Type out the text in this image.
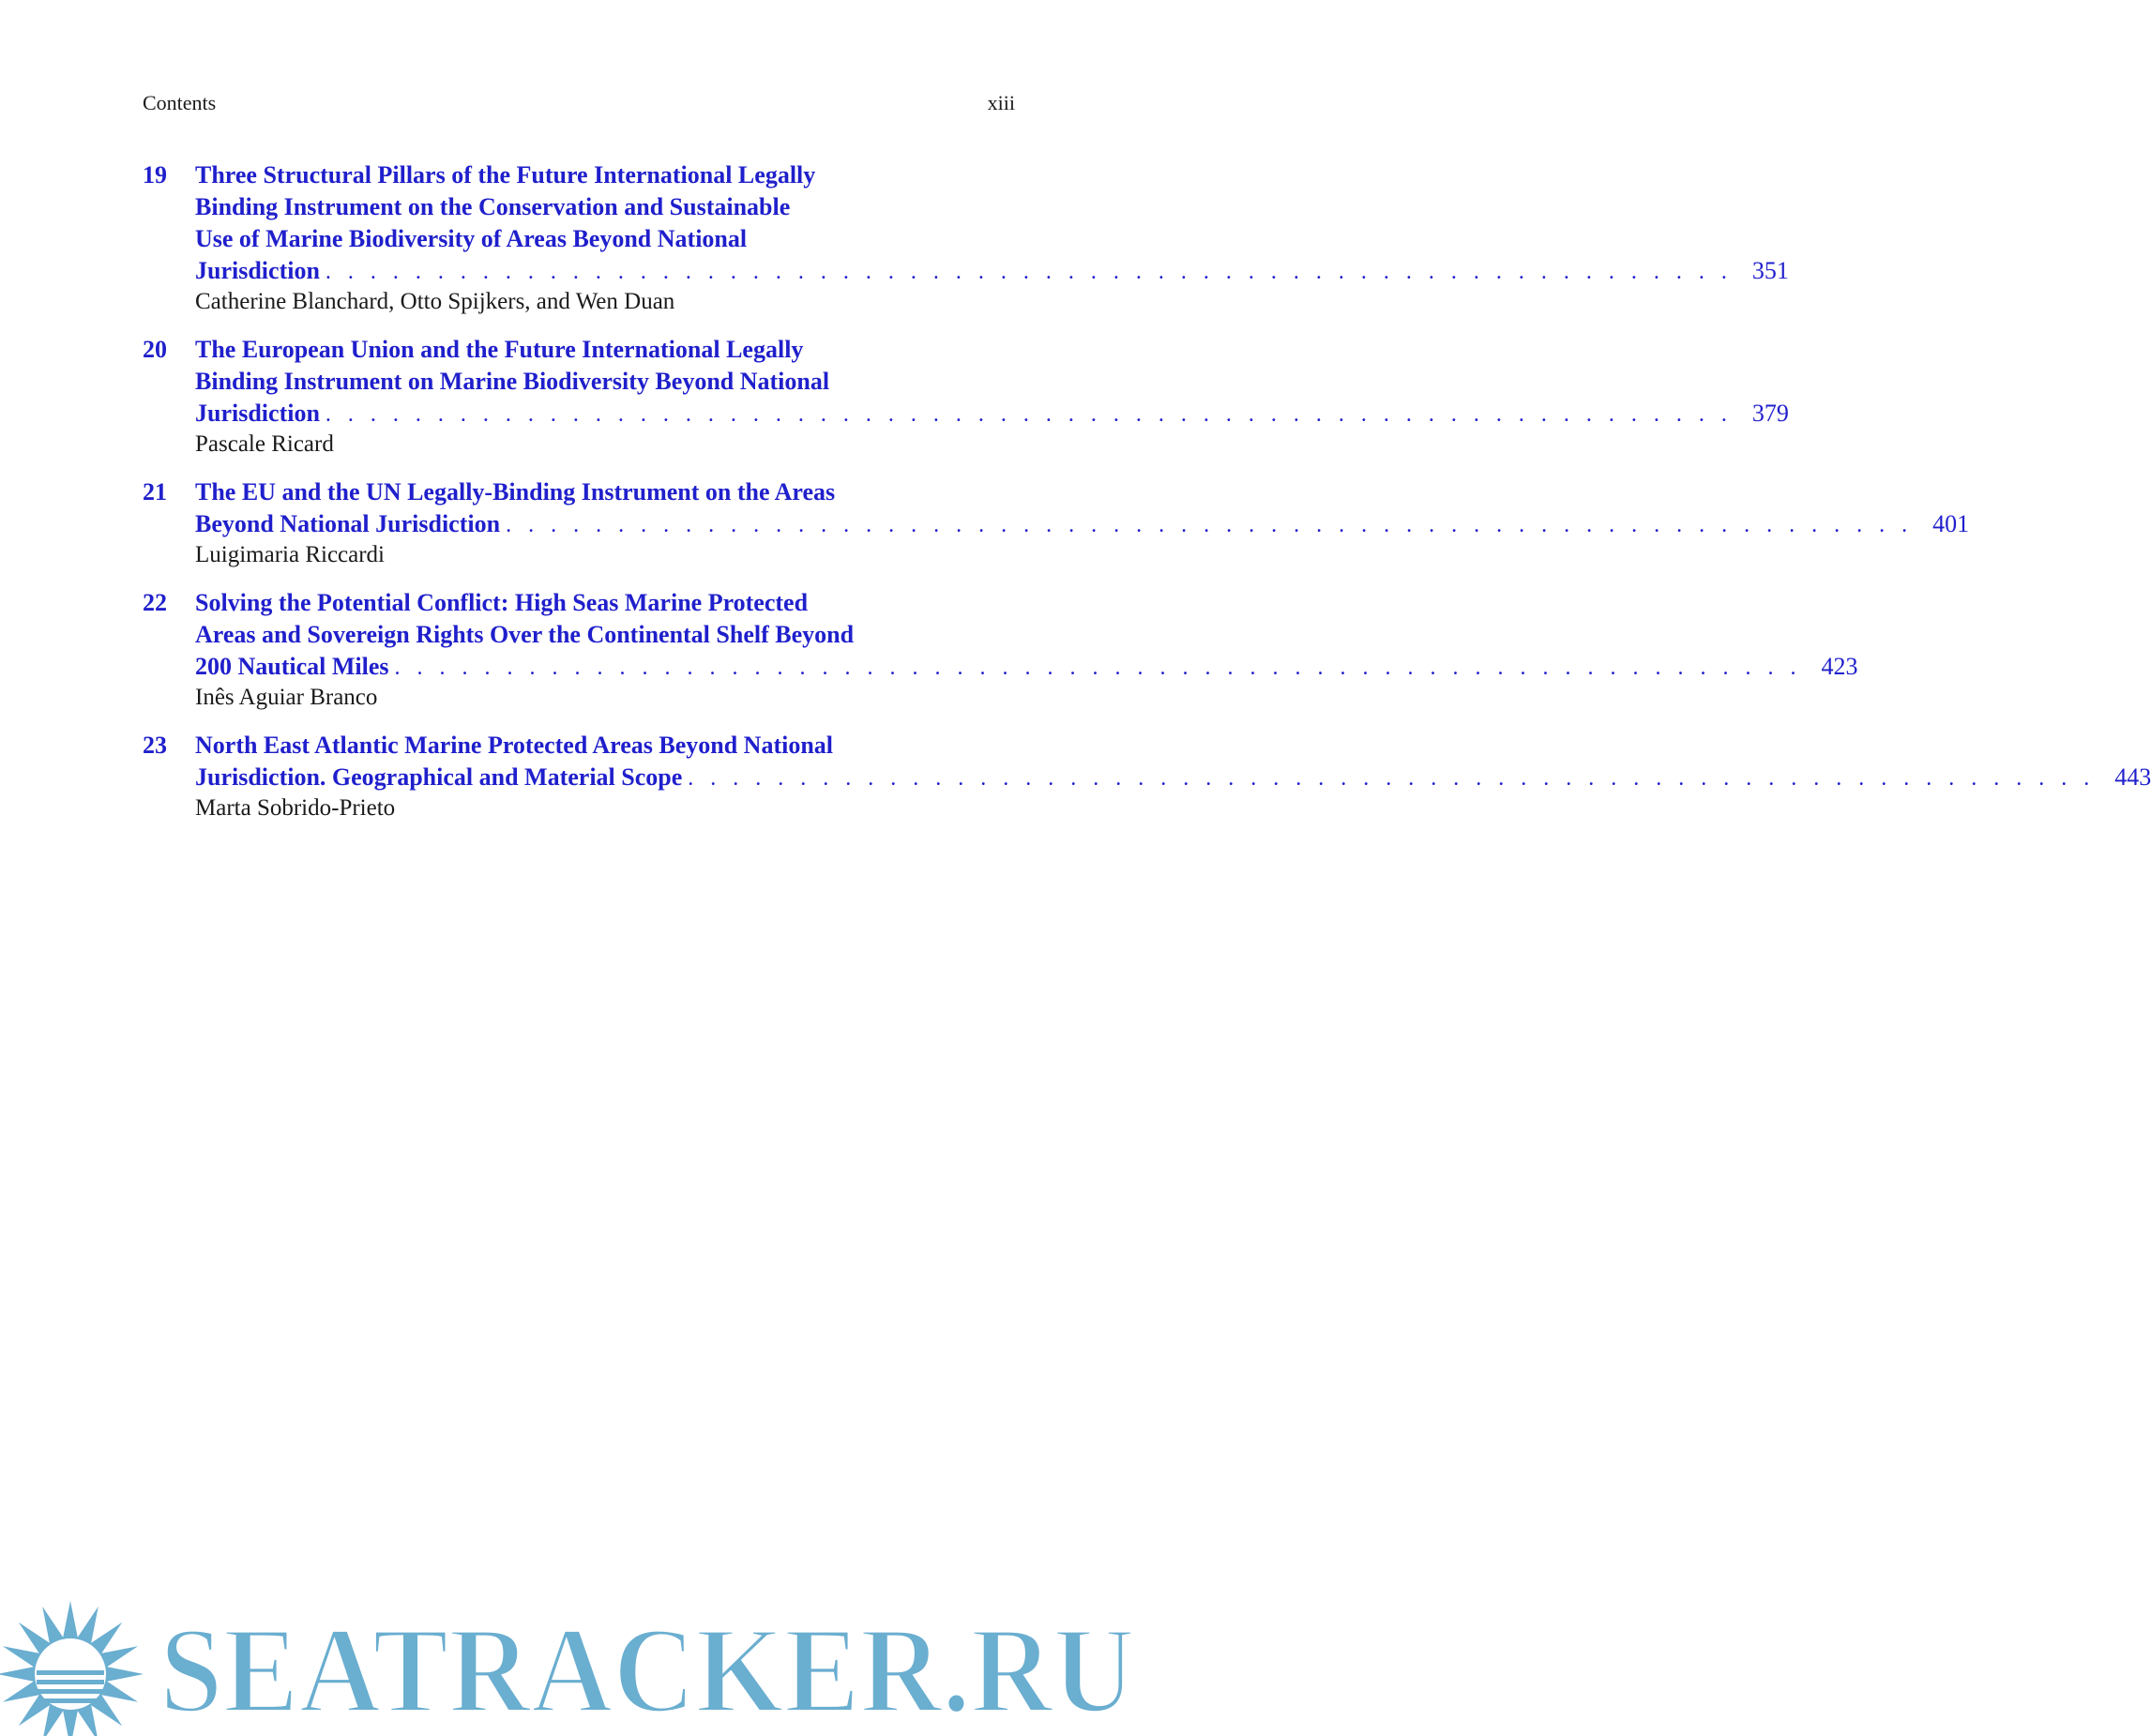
Contents	xiii
19	Three Structural Pillars of the Future International Legally
Binding Instrument on the Conservation and Sustainable
Use of Marine Biodiversity of Areas Beyond National
Jurisdiction . . . . . . . . . . . . . . . . . . . . . . . . . . . . . . . . . . . . . . . . . . . . . . . . . . . . . . . . . . . . . . . 351
Catherine Blanchard, Otto Spijkers, and Wen Duan
20	The European Union and the Future International Legally
Binding Instrument on Marine Biodiversity Beyond National
Jurisdiction . . . . . . . . . . . . . . . . . . . . . . . . . . . . . . . . . . . . . . . . . . . . . . . . . . . . . . . . . . . . . . . 379
Pascale Ricard
21	The EU and the UN Legally-Binding Instrument on the Areas
Beyond National Jurisdiction . . . . . . . . . . . . . . . . . . . . . . . . . . . . . . . . . . . . . . . . . . . . . . . . . . . . . . . . . . . . . . . 401
Luigimaria Riccardi
22	Solving the Potential Conflict: High Seas Marine Protected
Areas and Sovereign Rights Over the Continental Shelf Beyond
200 Nautical Miles . . . . . . . . . . . . . . . . . . . . . . . . . . . . . . . . . . . . . . . . . . . . . . . . . . . . . . . . . . . . . . . 423
Inês Aguiar Branco
23	North East Atlantic Marine Protected Areas Beyond National
Jurisdiction. Geographical and Material Scope . . . . . . . . . . . . . . . . . . . . . . . . . . . . . . . . . . . . . . . . . . . . . . . . . . . . . . . . . . . . . . . 443
Marta Sobrido-Prieto
SEATRACKER.RU
